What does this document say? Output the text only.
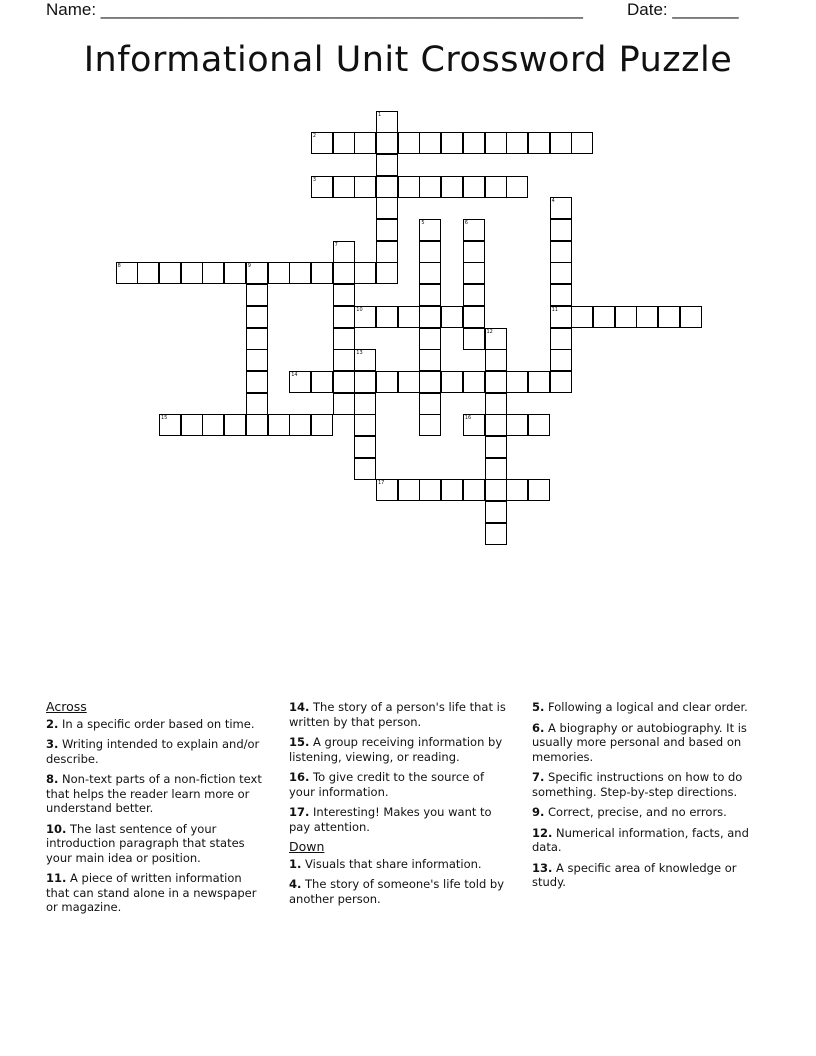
Name: ___________________________________________________	Date: _______
Informational Unit Crossword Puzzle
1
2
3
4
11
5	6
7
8	9
10
12
13
14
15	16
17
Across
2. In a specific order based on time.
3. Writing intended to explain and/or describe.
8. Non-text parts of a non-fiction text that helps the reader learn more or understand better.
10. The last sentence of your introduction paragraph that states your main idea or position.
11. A piece of written information that can stand alone in a newspaper or magazine.
14. The story of a person's life that is written by that person.
15. A group receiving information by listening, viewing, or reading.
16. To give credit to the source of your information.
17. Interesting! Makes you want to pay attention.
Down
1. Visuals that share information.
4. The story of someone's life told by another person.
5. Following a logical and clear order.
6. A biography or autobiography. It is usually more personal and based on memories.
7. Specific instructions on how to do something. Step-by-step directions.
9. Correct, precise, and no errors.
12. Numerical information, facts, and data.
13. A specific area of knowledge or study.
